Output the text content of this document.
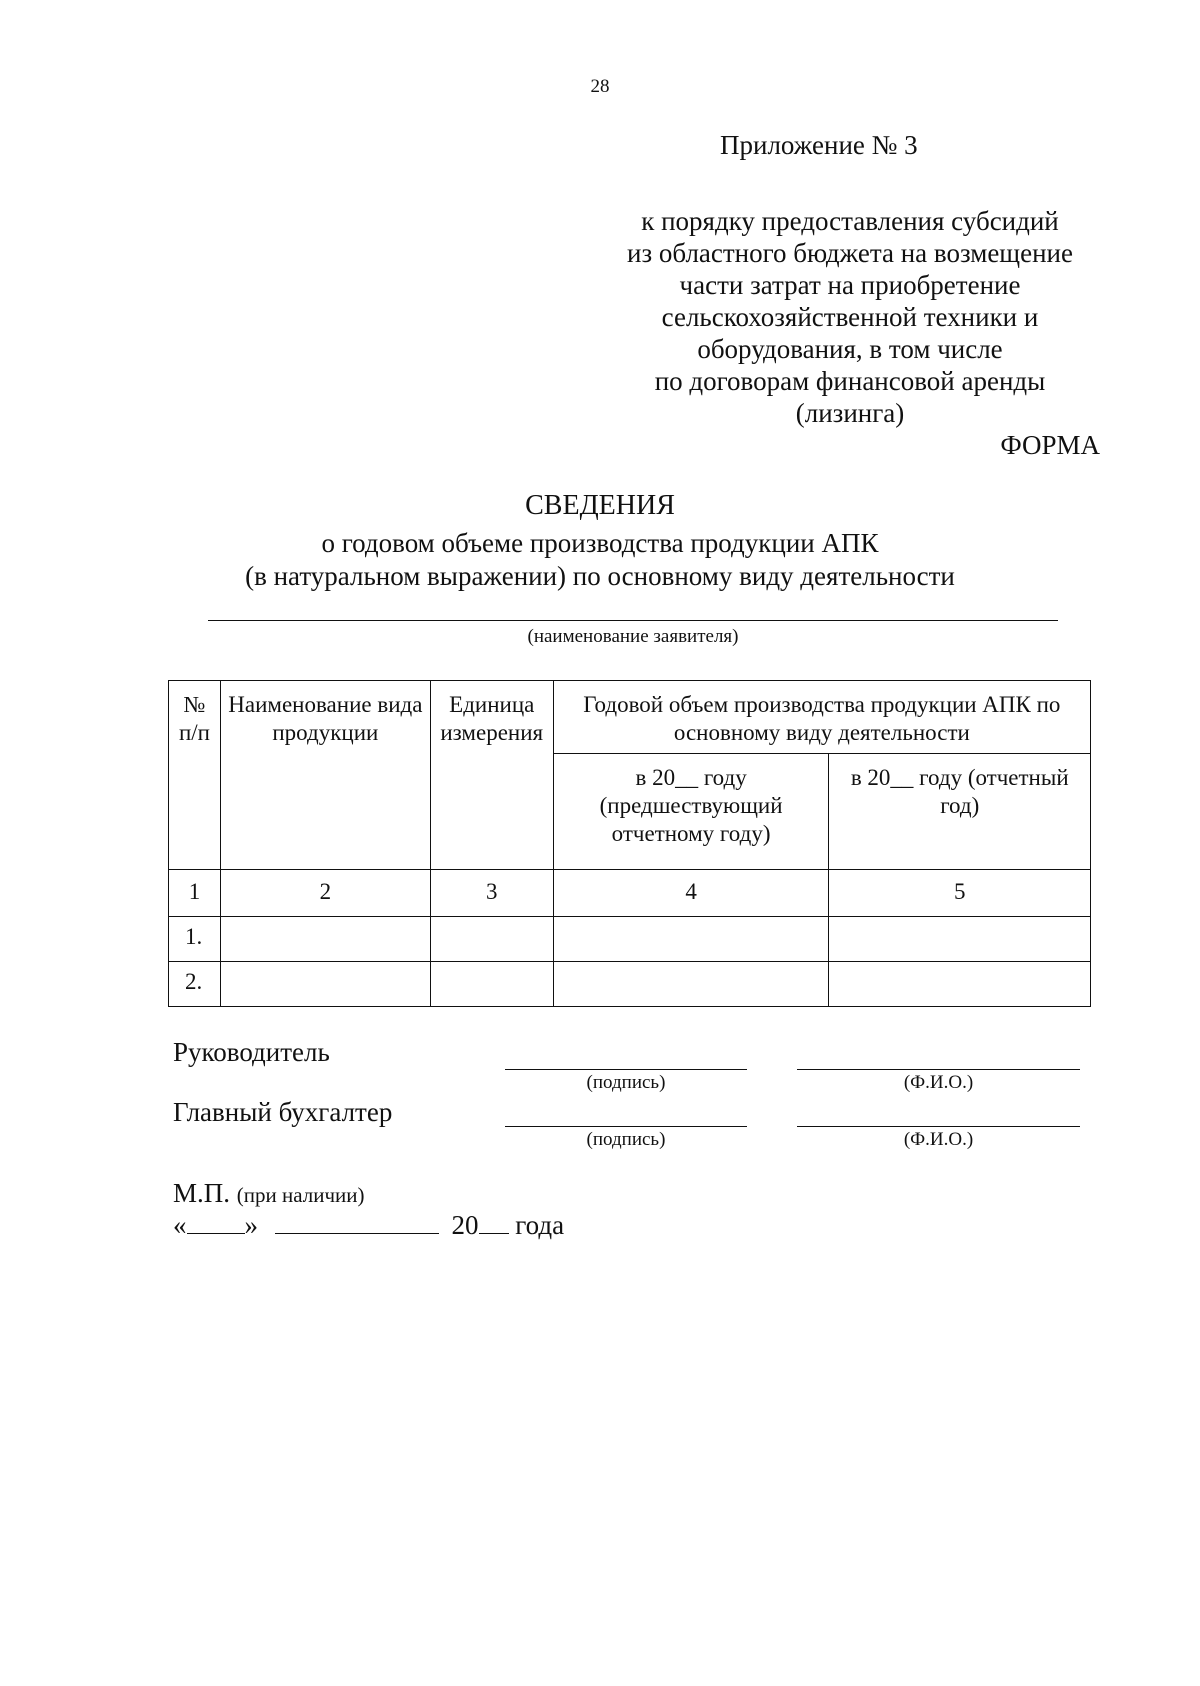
28
Приложение № 3
к порядку предоставления субсидий
из областного бюджета на возмещение
части затрат на приобретение
сельскохозяйственной техники и
оборудования, в том числе
по договорам финансовой аренды
(лизинга)
ФОРМА
СВЕДЕНИЯ
о годовом объеме производства продукции АПК
(в натуральном выражении) по основному виду деятельности
(наименование заявителя)
№ п/п	Наименование вида продукции	Единица измерения	Годовой объем производства продукции АПК по основному виду деятельности	
			в 20__ году (предшествующий отчетному году)	в 20__ году (отчетный год)
1	2	3	4	5
1.				
2.				
Руководитель
(подпись)	(Ф.И.О.)
Главный бухгалтер
(подпись)	(Ф.И.О.)
М.П. (при наличии)
« »	20 года
